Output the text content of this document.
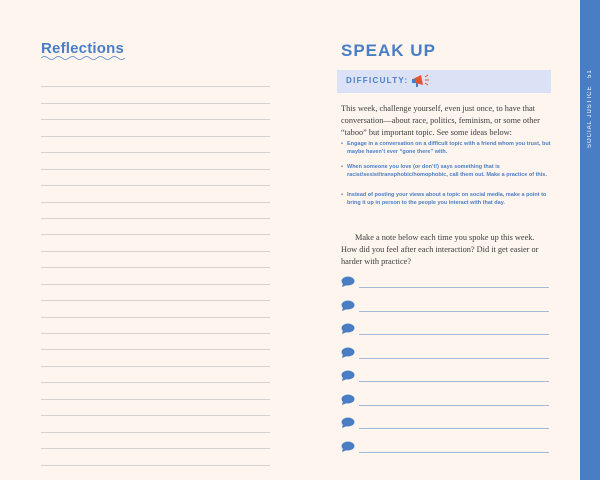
Reflections	SPEAK UP
DIFFICULTY:

This week, challenge yourself, even just once, to have that conversation—about race, politics, feminism, or some other “taboo” but important topic. See some ideas below:

• Engage in a conversation on a difficult topic with a friend whom you trust, but maybe haven’t ever “gone there” with.
• When someone you love (or don’t!) says something that is racist/sexist/transphobic/homophobic, call them out. Make a practice of this.
• Instead of posting your views about a topic on social media, make a point to bring it up in person to the people you interact with that day.

Make a note below each time you spoke up this week. How did you feel after each interaction? Did it get easier or harder with practice?

SOCIAL JUSTICE
51
